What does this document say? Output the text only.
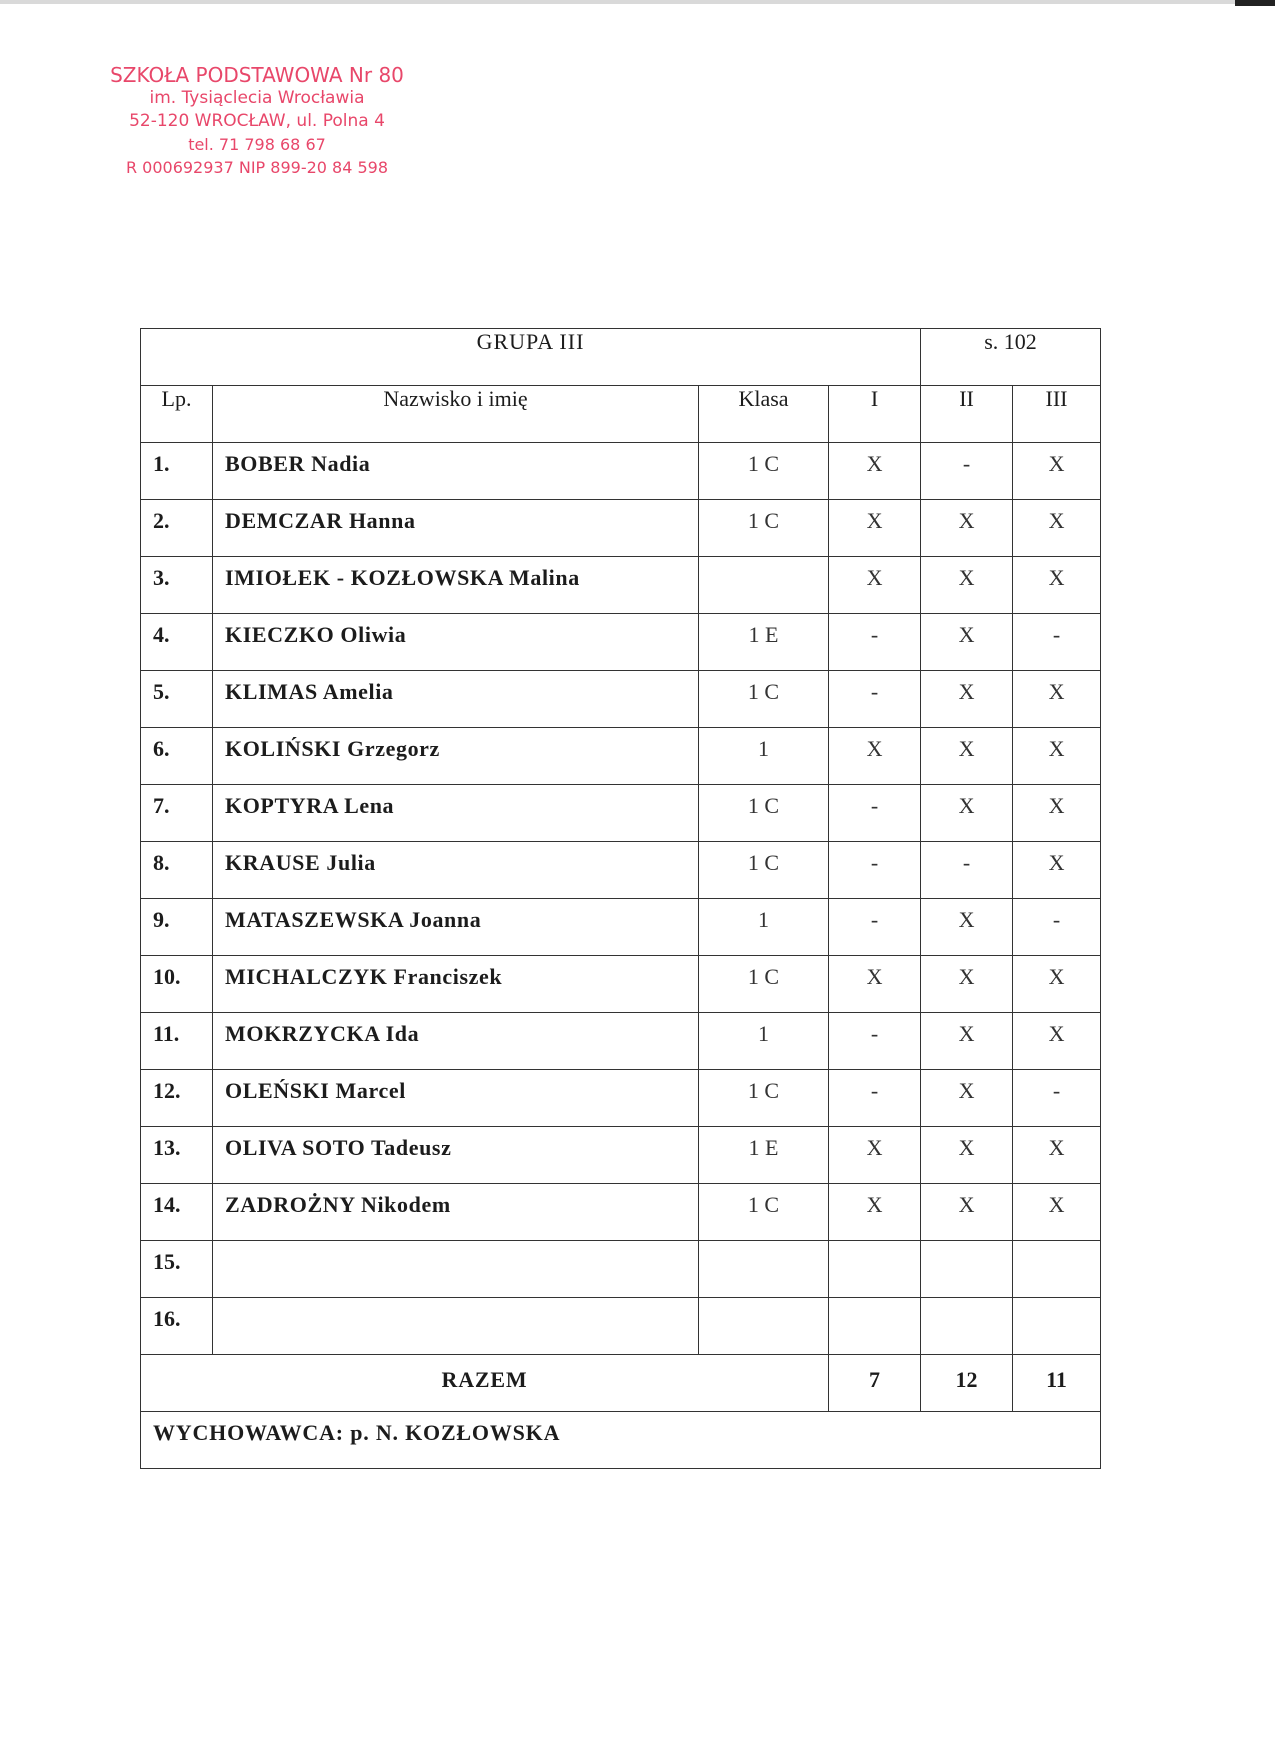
SZKOŁA PODSTAWOWA Nr 80
im. Tysiąclecia Wrocławia
52-120 WROCŁAW, ul. Polna 4
tel. 71 798 68 67
R 000692937 NIP 899-20 84 598
GRUPA III				s. 102	
Lp.	Nazwisko i imię	Klasa	I	II	III
1.	BOBER Nadia	1 C	X	-	X
2.	DEMCZAR Hanna	1 C	X	X	X
3.	IMIOŁEK - KOZŁOWSKA Malina		X	X	X
4.	KIECZKO Oliwia	1 E	-	X	-
5.	KLIMAS Amelia	1 C	-	X	X
6.	KOLIŃSKI Grzegorz	1	X	X	X
7.	KOPTYRA Lena	1 C	-	X	X
8.	KRAUSE Julia	1 C	-	-	X
9.	MATASZEWSKA Joanna	1	-	X	-
10.	MICHALCZYK Franciszek	1 C	X	X	X
11.	MOKRZYCKA Ida	1	-	X	X
12.	OLEŃSKI Marcel	1 C	-	X	-
13.	OLIVA SOTO Tadeusz	1 E	X	X	X
14.	ZADROŻNY Nikodem	1 C	X	X	X
15.					
16.					
RAZEM			7	12	11
WYCHOWAWCA: p. N. KOZŁOWSKA					
